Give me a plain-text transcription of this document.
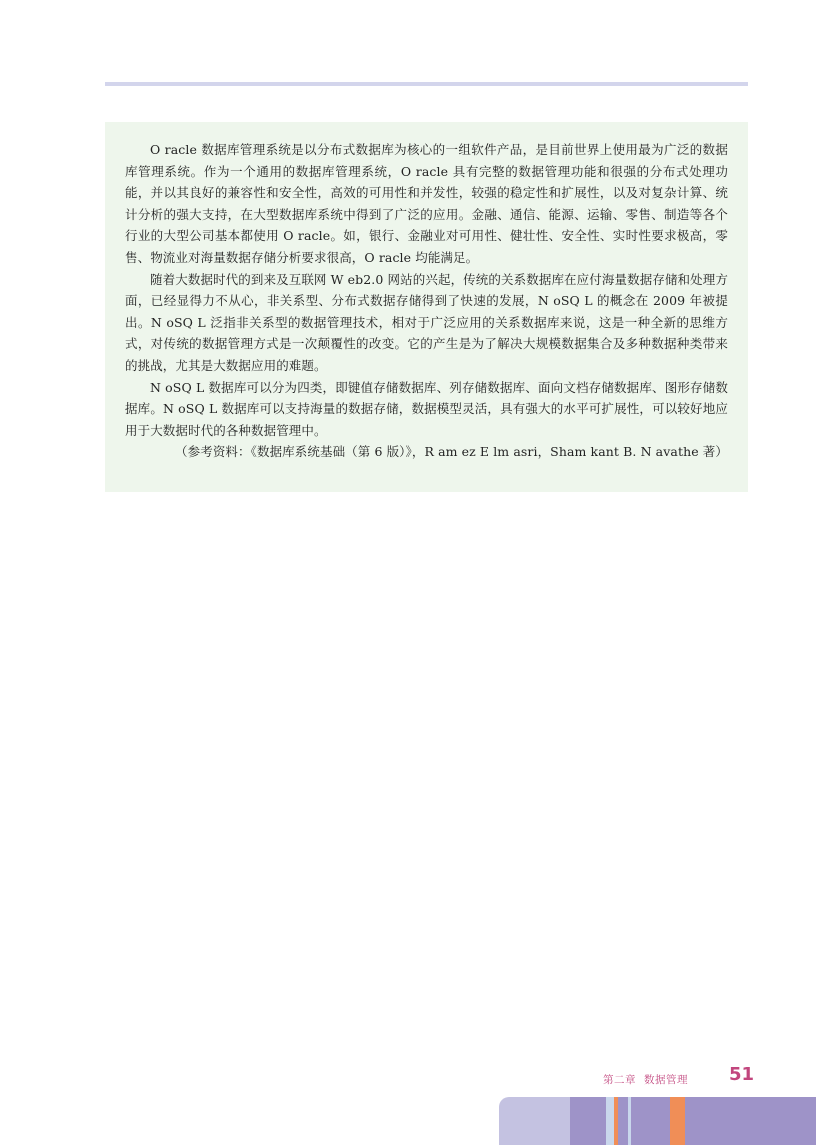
O racle 数据库管理系统是以分布式数据库为核心的一组软件产品，是目前世界上使用最为广泛的数据库管理系统。作为一个通用的数据库管理系统，O racle 具有完整的数据管理功能和很强的分布式处理功能，并以其良好的兼容性和安全性，高效的可用性和并发性，较强的稳定性和扩展性，以及对复杂计算、统计分析的强大支持，在大型数据库系统中得到了广泛的应用。金融、通信、能源、运输、零售、制造等各个行业的大型公司基本都使用 O racle。如，银行、金融业对可用性、健壮性、安全性、实时性要求极高，零售、物流业对海量数据存储分析要求很高，O racle 均能满足。

随着大数据时代的到来及互联网 W eb2.0 网站的兴起，传统的关系数据库在应付海量数据存储和处理方面，已经显得力不从心，非关系型、分布式数据存储得到了快速的发展，N oSQ L 的概念在 2009 年被提出。N oSQ L 泛指非关系型的数据管理技术，相对于广泛应用的关系数据库来说，这是一种全新的思维方式，对传统的数据管理方式是一次颠覆性的改变。它的产生是为了解决大规模数据集合及多种数据种类带来的挑战，尤其是大数据应用的难题。

N oSQ L 数据库可以分为四类，即键值存储数据库、列存储数据库、面向文档存储数据库、图形存储数据库。N oSQ L 数据库可以支持海量的数据存储，数据模型灵活，具有强大的水平可扩展性，可以较好地应用于大数据时代的各种数据管理中。

（参考资料：《数据库系统基础（第 6 版）》，R am ez E lm asri，Sham kant B. N avathe 著）

第二章 数据管理 51
